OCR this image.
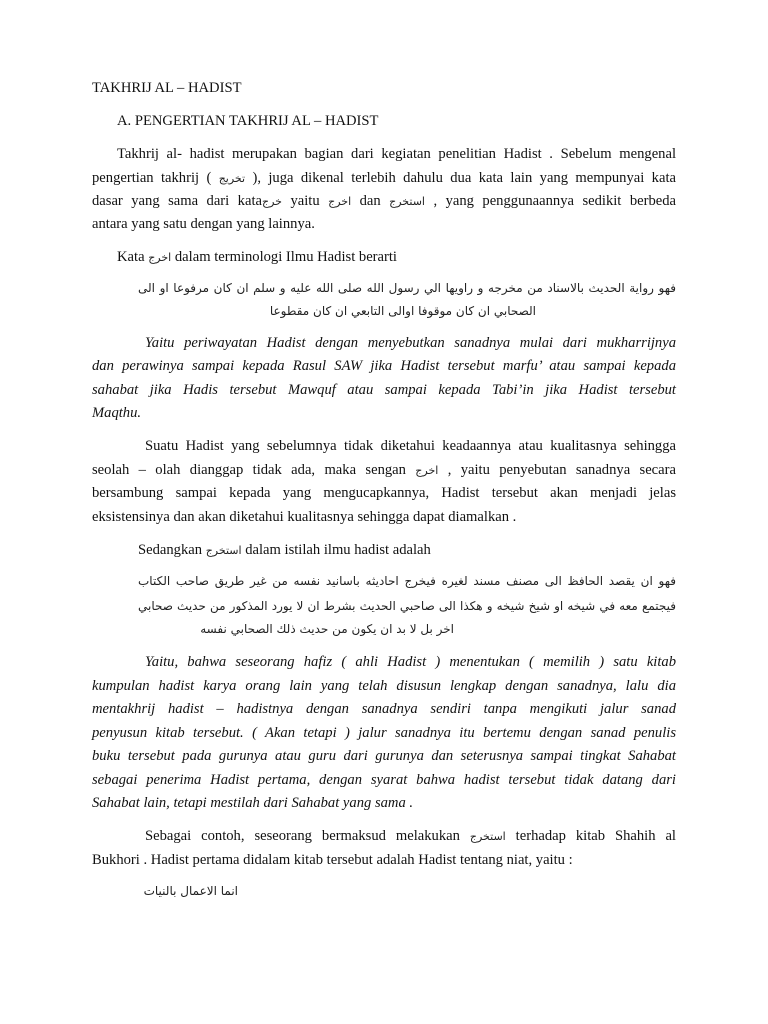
TAKHRIJ AL – HADIST

A. PENGERTIAN TAKHRIJ AL – HADIST

Takhrij al- hadist merupakan bagian dari kegiatan penelitian Hadist . Sebelum mengenal

pengertian takhrij ( تخريج ), juga dikenal terlebih dahulu dua kata lain yang mempunyai kata

dasar yang sama dari kataخرج yaitu اخرج dan استخرج , yang penggunaannya sedikit berbeda

antara yang satu dengan yang lainnya.

Kata اخرج dalam terminologi Ilmu Hadist berarti

فهو رواية الحديث بالاسناد من مخرجه و راويها الي رسول الله صلى الله عليه و سلم ان كان مرفوعا او الى

الصحابي ان كان موقوفا اوالى التابعي ان كان مقطوعا

Yaitu periwayatan Hadist dengan menyebutkan sanadnya mulai dari mukharrijnya

dan perawinya sampai kepada Rasul SAW jika Hadist tersebut marfu’ atau sampai kepada

sahabat jika Hadis tersebut Mawquf atau sampai kepada Tabi’in jika Hadist tersebut

Maqthu.

Suatu Hadist yang sebelumnya tidak diketahui keadaannya atau kualitasnya sehingga

seolah – olah dianggap tidak ada, maka sengan اخرج , yaitu penyebutan sanadnya secara

bersambung sampai kepada yang mengucapkannya, Hadist tersebut akan menjadi jelas

eksistensinya dan akan diketahui kualitasnya sehingga dapat diamalkan .

Sedangkan استخرج dalam istilah ilmu hadist adalah

فهو ان يقصد الحافظ الى مصنف مسند لغيره فيخرج احاديثه باسانيد نفسه من غير طريق صاحب الكتاب

فيجتمع معه في شيخه او شيخ شيخه و هكذا الى صاحبي الحديث بشرط ان لا يورد المذكور من حديث صحابي

اخر بل لا بد ان يكون من حديث ذلك الصحابي نفسه

Yaitu, bahwa seseorang hafiz ( ahli Hadist ) menentukan ( memilih ) satu kitab

kumpulan hadist karya orang lain yang telah disusun lengkap dengan sanadnya, lalu dia

mentakhrij hadist – hadistnya dengan sanadnya sendiri tanpa mengikuti jalur sanad

penyusun kitab tersebut. ( Akan tetapi ) jalur sanadnya itu bertemu dengan sanad penulis

buku tersebut pada gurunya atau guru dari gurunya dan seterusnya sampai tingkat Sahabat

sebagai penerima Hadist pertama, dengan syarat bahwa hadist tersebut tidak datang dari

Sahabat lain, tetapi mestilah dari Sahabat yang sama .

Sebagai contoh, seseorang bermaksud melakukan استخرج terhadap kitab Shahih al

Bukhori . Hadist pertama didalam kitab tersebut adalah Hadist tentang niat, yaitu :

انما الاعمال بالنيات
